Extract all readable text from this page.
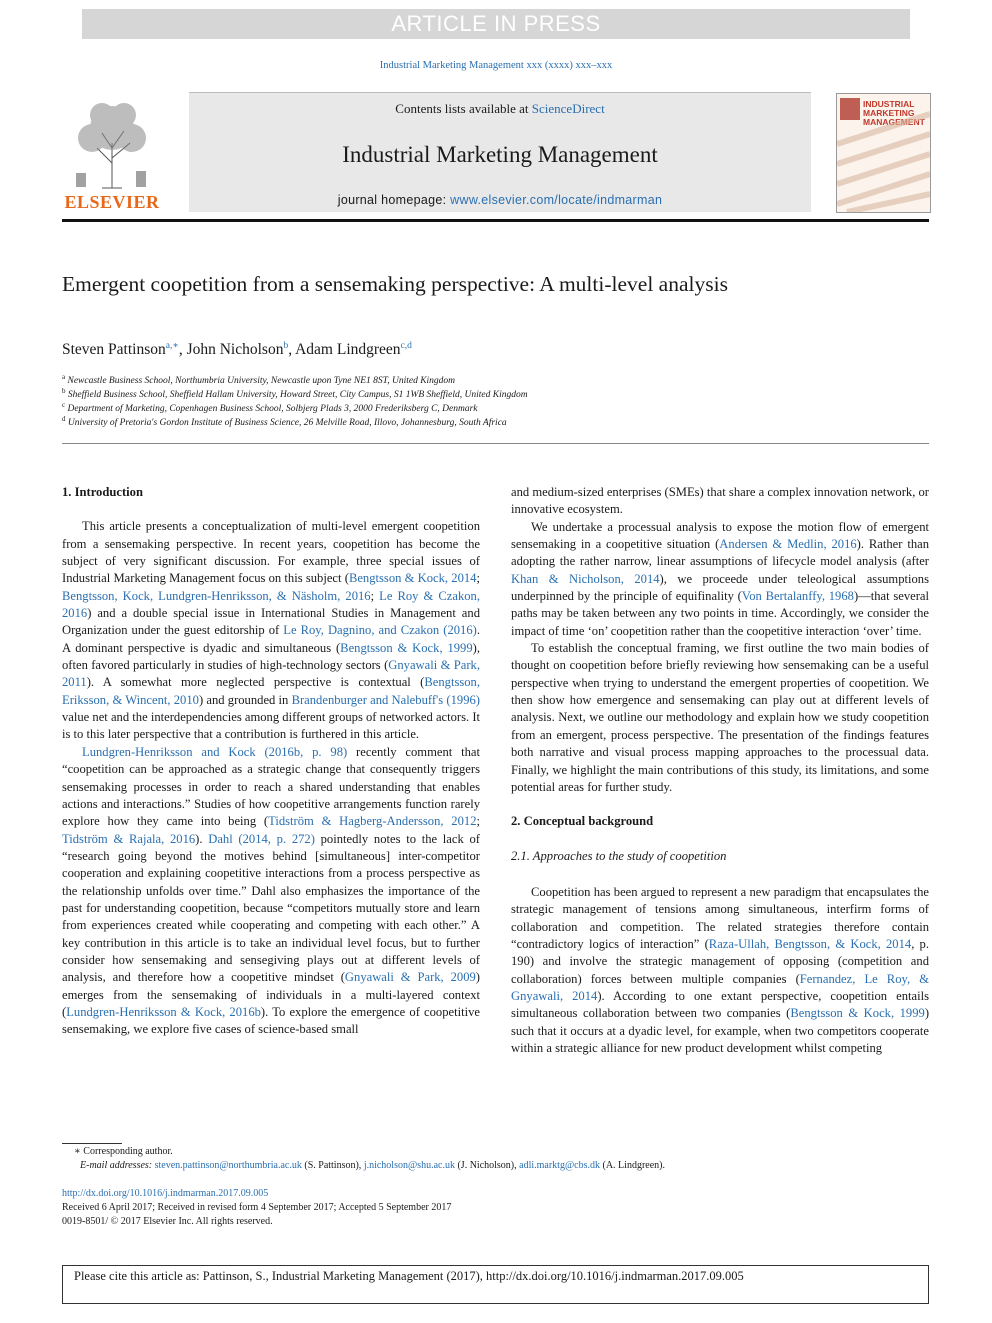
ARTICLE IN PRESS
Industrial Marketing Management xxx (xxxx) xxx–xxx
ELSEVIER
Contents lists available at ScienceDirect
Industrial Marketing Management
journal homepage: www.elsevier.com/locate/indmarman
INDUSTRIAL MARKETING MANAGEMENT
Emergent coopetition from a sensemaking perspective: A multi-level analysis
Steven Pattinson$^{a,∗}$, John Nicholson$^b$, Adam Lindgreen$^{c,d}$
$^a$ Newcastle Business School, Northumbria University, Newcastle upon Tyne NE1 8ST, United Kingdom
$^b$ Sheffield Business School, Sheffield Hallam University, Howard Street, City Campus, S1 1WB Sheffield, United Kingdom
$^c$ Department of Marketing, Copenhagen Business School, Solbjerg Plads 3, 2000 Frederiksberg C, Denmark
$^d$ University of Pretoria's Gordon Institute of Business Science, 26 Melville Road, Illovo, Johannesburg, South Africa
1. Introduction

This article presents a conceptualization of multi-level emergent coopetition from a sensemaking perspective. In recent years, coopetition has become the subject of very significant discussion. For example, three special issues of Industrial Marketing Management focus on this subject (Bengtsson & Kock, 2014; Bengtsson, Kock, Lundgren-Henriksson, & Näsholm, 2016; Le Roy & Czakon, 2016) and a double special issue in International Studies in Management and Organization under the guest editorship of Le Roy, Dagnino, and Czakon (2016). A dominant perspective is dyadic and simultaneous (Bengtsson & Kock, 1999), often favored particularly in studies of high-technology sectors (Gnyawali & Park, 2011). A somewhat more neglected perspective is contextual (Bengtsson, Eriksson, & Wincent, 2010) and grounded in Brandenburger and Nalebuff's (1996) value net and the interdependencies among different groups of networked actors. It is to this later perspective that a contribution is furthered in this article.

Lundgren-Henriksson and Kock (2016b, p. 98) recently comment that “coopetition can be approached as a strategic change that consequently triggers sensemaking processes in order to reach a shared understanding that enables actions and interactions.” Studies of how coopetitive arrangements function rarely explore how they came into being (Tidström & Hagberg-Andersson, 2012; Tidström & Rajala, 2016). Dahl (2014, p. 272) pointedly notes to the lack of “research going beyond the motives behind [simultaneous] inter-competitor cooperation and explaining coopetitive interactions from a process perspective as the relationship unfolds over time.” Dahl also emphasizes the importance of the past for understanding coopetition, because “competitors mutually store and learn from experiences created while cooperating and competing with each other.” A key contribution in this article is to take an individual level focus, but to further consider how sensemaking and sensegiving plays out at different levels of analysis, and therefore how a coopetitive mindset (Gnyawali & Park, 2009) emerges from the sensemaking of individuals in a multi-layered context (Lundgren-Henriksson & Kock, 2016b). To explore the emergence of coopetitive sensemaking, we explore five cases of science-based small

and medium-sized enterprises (SMEs) that share a complex innovation network, or innovative ecosystem.

We undertake a processual analysis to expose the motion flow of emergent sensemaking in a coopetitive situation (Andersen & Medlin, 2016). Rather than adopting the rather narrow, linear assumptions of lifecycle model analysis (after Khan & Nicholson, 2014), we proceede under teleological assumptions underpinned by the principle of equifinality (Von Bertalanffy, 1968)—that several paths may be taken between any two points in time. Accordingly, we consider the impact of time ‘on’ coopetition rather than the coopetitive interaction ‘over’ time.

To establish the conceptual framing, we first outline the two main bodies of thought on coopetition before briefly reviewing how sensemaking can be a useful perspective when trying to understand the emergent properties of coopetition. We then show how emergence and sensemaking can play out at different levels of analysis. Next, we outline our methodology and explain how we study coopetition from an emergent, process perspective. The presentation of the findings features both narrative and visual process mapping approaches to the processual data. Finally, we highlight the main contributions of this study, its limitations, and some potential areas for further study.

2. Conceptual background
2.1. Approaches to the study of coopetition

Coopetition has been argued to represent a new paradigm that encapsulates the strategic management of tensions among simultaneous, interfirm forms of collaboration and competition. The related strategies therefore contain “contradictory logics of interaction” (Raza-Ullah, Bengtsson, & Kock, 2014, p. 190) and involve the strategic management of opposing (competition and collaboration) forces between multiple companies (Fernandez, Le Roy, & Gnyawali, 2014). According to one extant perspective, coopetition entails simultaneous collaboration between two companies (Bengtsson & Kock, 1999) such that it occurs at a dyadic level, for example, when two competitors cooperate within a strategic alliance for new product development whilst competing

∗ Corresponding author.
E-mail addresses: steven.pattinson@northumbria.ac.uk (S. Pattinson), j.nicholson@shu.ac.uk (J. Nicholson), adli.marktg@cbs.dk (A. Lindgreen).
http://dx.doi.org/10.1016/j.indmarman.2017.09.005
Received 6 April 2017; Received in revised form 4 September 2017; Accepted 5 September 2017
0019-8501/ © 2017 Elsevier Inc. All rights reserved.
Please cite this article as: Pattinson, S., Industrial Marketing Management (2017), http://dx.doi.org/10.1016/j.indmarman.2017.09.005
